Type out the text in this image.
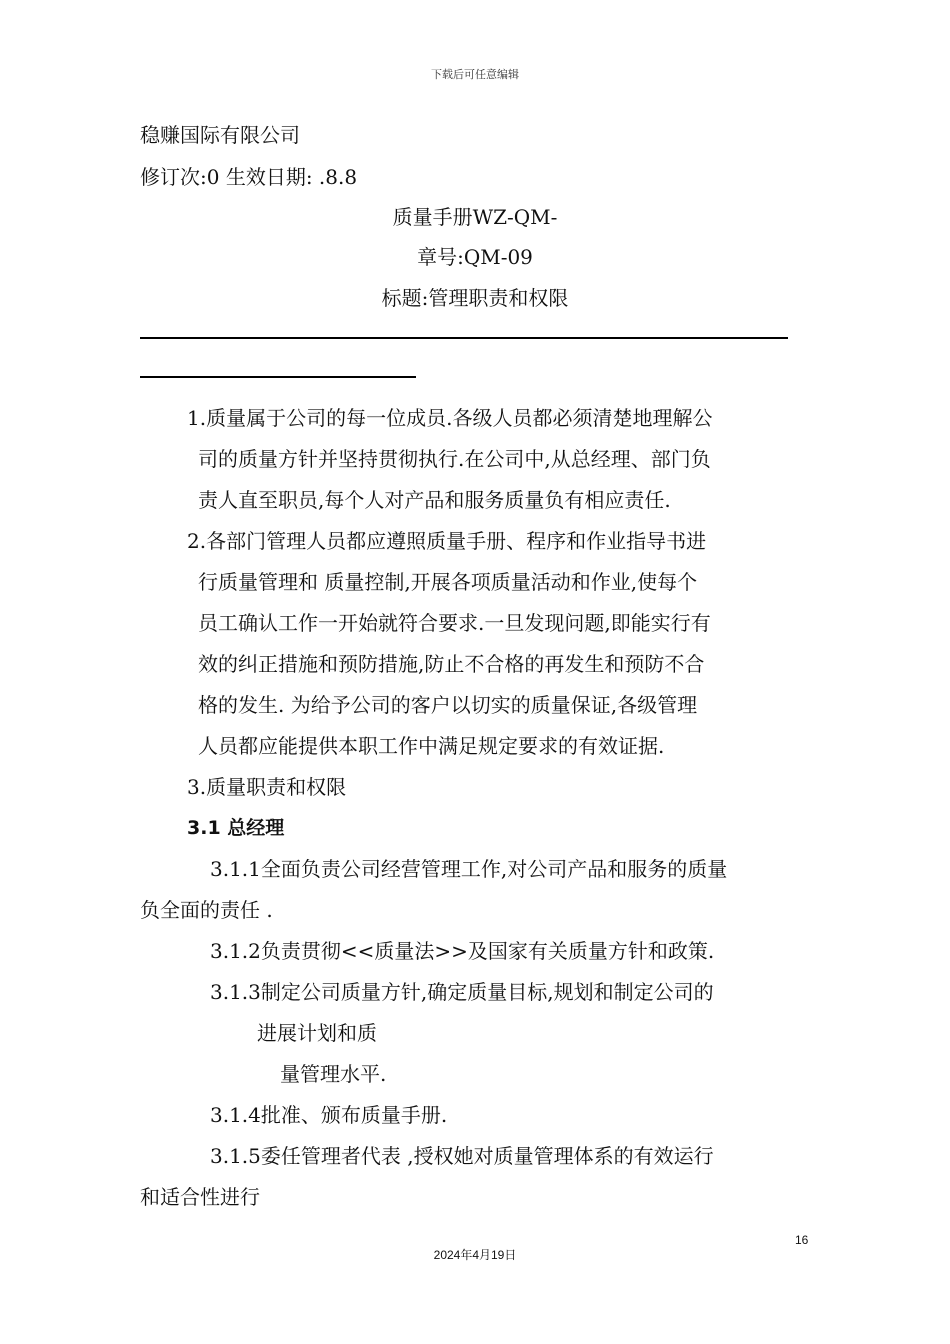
下载后可任意编辑
稳赚国际有限公司
修订次:0 生效日期: .8.8
质量手册WZ-QM-
章号:QM-09
标题:管理职责和权限
1.质量属于公司的每一位成员.各级人员都必须清楚地理解公
司的质量方针并坚持贯彻执行.在公司中,从总经理、部门负
责人直至职员,每个人对产品和服务质量负有相应责任.
2.各部门管理人员都应遵照质量手册、程序和作业指导书进
行质量管理和 质量控制,开展各项质量活动和作业,使每个
员工确认工作一开始就符合要求.一旦发现问题,即能实行有
效的纠正措施和预防措施,防止不合格的再发生和预防不合
格的发生. 为给予公司的客户以切实的质量保证,各级管理
人员都应能提供本职工作中满足规定要求的有效证据.
3.质量职责和权限
3.1 总经理
3.1.1全面负责公司经营管理工作,对公司产品和服务的质量
负全面的责任 .
3.1.2负责贯彻<<质量法>>及国家有关质量方针和政策.
3.1.3制定公司质量方针,确定质量目标,规划和制定公司的
进展计划和质
量管理水平.
3.1.4批准、颁布质量手册.
3.1.5委任管理者代表 ,授权她对质量管理体系的有效运行
和适合性进行
16
2024年4月19日
